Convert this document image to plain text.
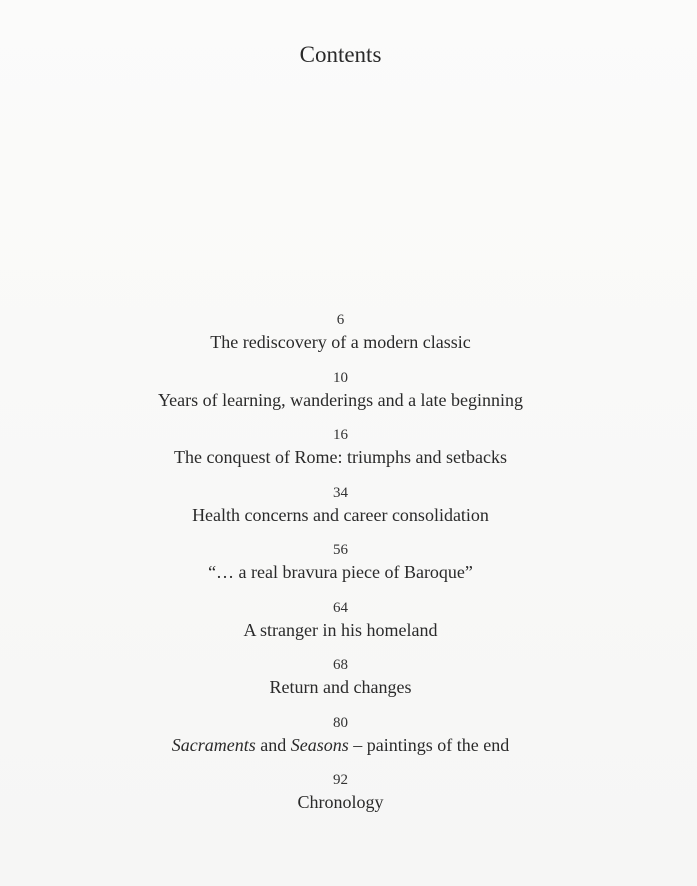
Contents
6
The rediscovery of a modern classic
10
Years of learning, wanderings and a late beginning
16
The conquest of Rome: triumphs and setbacks
34
Health concerns and career consolidation
56
“… a real bravura piece of Baroque”
64
A stranger in his homeland
68
Return and changes
80
Sacraments and Seasons – paintings of the end
92
Chronology
